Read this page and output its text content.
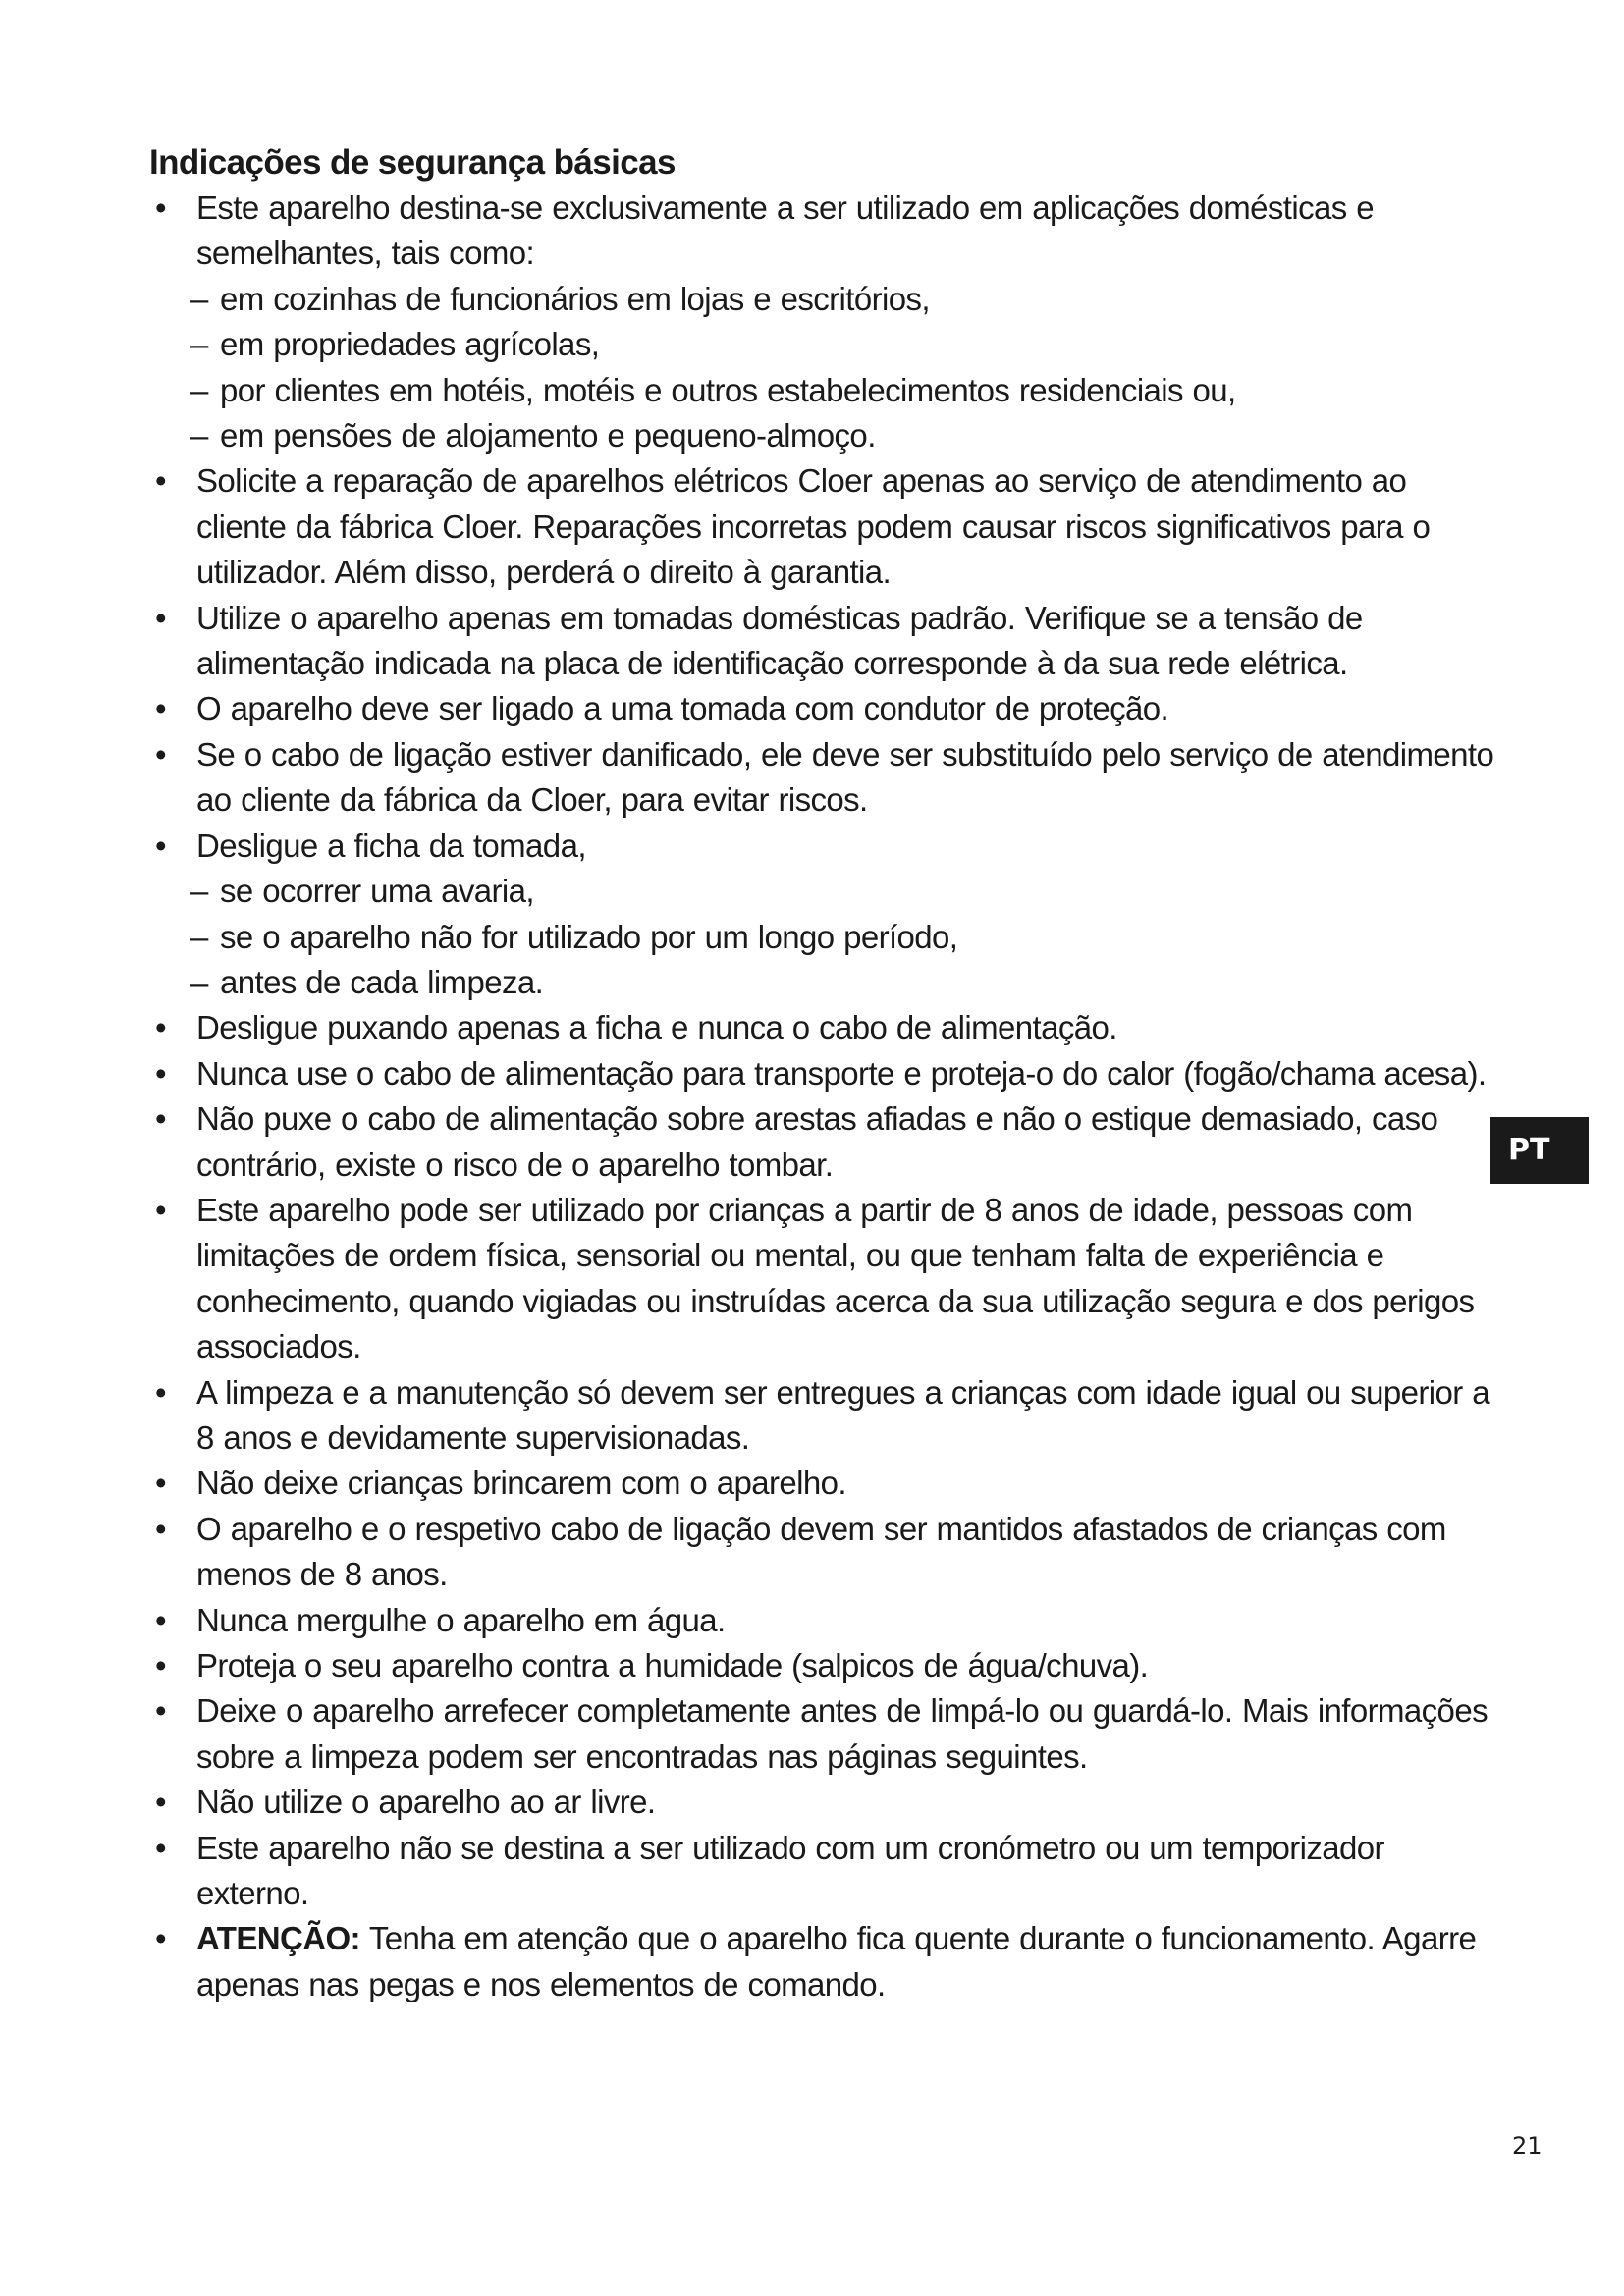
Indicações de segurança básicas
• Este aparelho destina-se exclusivamente a ser utilizado em aplicações domésticas e semelhantes, tais como:
– em cozinhas de funcionários em lojas e escritórios,
– em propriedades agrícolas,
– por clientes em hotéis, motéis e outros estabelecimentos residenciais ou,
– em pensões de alojamento e pequeno-almoço.
• Solicite a reparação de aparelhos elétricos Cloer apenas ao serviço de atendimento ao cliente da fábrica Cloer. Reparações incorretas podem causar riscos significativos para o utilizador. Além disso, perderá o direito à garantia.
• Utilize o aparelho apenas em tomadas domésticas padrão. Verifique se a tensão de alimentação indicada na placa de identificação corresponde à da sua rede elétrica.
• O aparelho deve ser ligado a uma tomada com condutor de proteção.
• Se o cabo de ligação estiver danificado, ele deve ser substituído pelo serviço de atendimento ao cliente da fábrica da Cloer, para evitar riscos.
• Desligue a ficha da tomada,
– se ocorrer uma avaria,
– se o aparelho não for utilizado por um longo período,
– antes de cada limpeza.
• Desligue puxando apenas a ficha e nunca o cabo de alimentação.
• Nunca use o cabo de alimentação para transporte e proteja-o do calor (fogão/chama acesa).
• Não puxe o cabo de alimentação sobre arestas afiadas e não o estique demasiado, caso contrário, existe o risco de o aparelho tombar.
• Este aparelho pode ser utilizado por crianças a partir de 8 anos de idade, pessoas com limitações de ordem física, sensorial ou mental, ou que tenham falta de experiência e conhecimento, quando vigiadas ou instruídas acerca da sua utilização segura e dos perigos associados.
• A limpeza e a manutenção só devem ser entregues a crianças com idade igual ou superior a 8 anos e devidamente supervisionadas.
• Não deixe crianças brincarem com o aparelho.
• O aparelho e o respetivo cabo de ligação devem ser mantidos afastados de crianças com menos de 8 anos.
• Nunca mergulhe o aparelho em água.
• Proteja o seu aparelho contra a humidade (salpicos de água/chuva).
• Deixe o aparelho arrefecer completamente antes de limpá-lo ou guardá-lo. Mais informações sobre a limpeza podem ser encontradas nas páginas seguintes.
• Não utilize o aparelho ao ar livre.
• Este aparelho não se destina a ser utilizado com um cronómetro ou um temporizador externo.
• ATENÇÃO: Tenha em atenção que o aparelho fica quente durante o funcionamento. Agarre apenas nas pegas e nos elementos de comando.
PT
21
